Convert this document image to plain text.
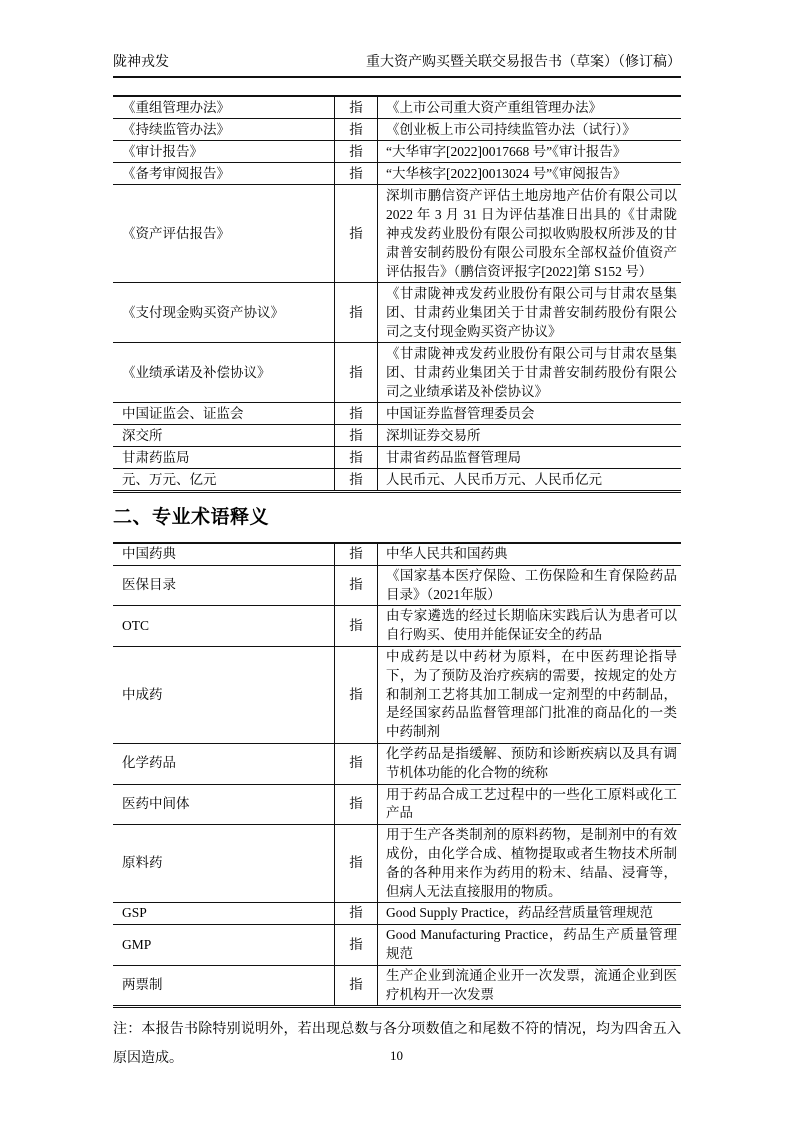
陇神戎发	重大资产购买暨关联交易报告书（草案）（修订稿）
《重组管理办法》	指	《上市公司重大资产重组管理办法》
《持续监管办法》	指	《创业板上市公司持续监管办法（试行）》
《审计报告》	指	“大华审字[2022]0017668 号”《审计报告》
《备考审阅报告》	指	“大华核字[2022]0013024 号”《审阅报告》
《资产评估报告》	指	深圳市鹏信资产评估土地房地产估价有限公司以 2022 年 3 月 31 日为评估基准日出具的《甘肃陇神戎发药业股份有限公司拟收购股权所涉及的甘肃普安制药股份有限公司股东全部权益价值资产评估报告》（鹏信资评报字[2022]第 S152 号）
《支付现金购买资产协议》	指	《甘肃陇神戎发药业股份有限公司与甘肃农垦集团、甘肃药业集团关于甘肃普安制药股份有限公司之支付现金购买资产协议》
《业绩承诺及补偿协议》	指	《甘肃陇神戎发药业股份有限公司与甘肃农垦集团、甘肃药业集团关于甘肃普安制药股份有限公司之业绩承诺及补偿协议》
中国证监会、证监会	指	中国证券监督管理委员会
深交所	指	深圳证券交易所
甘肃药监局	指	甘肃省药品监督管理局
元、万元、亿元	指	人民币元、人民币万元、人民币亿元
二、专业术语释义
中国药典	指	中华人民共和国药典
医保目录	指	《国家基本医疗保险、工伤保险和生育保险药品目录》（2021年版）
OTC	指	由专家遴选的经过长期临床实践后认为患者可以自行购买、使用并能保证安全的药品
中成药	指	中成药是以中药材为原料，在中医药理论指导下，为了预防及治疗疾病的需要，按规定的处方和制剂工艺将其加工制成一定剂型的中药制品，是经国家药品监督管理部门批准的商品化的一类中药制剂
化学药品	指	化学药品是指缓解、预防和诊断疾病以及具有调节机体功能的化合物的统称
医药中间体	指	用于药品合成工艺过程中的一些化工原料或化工产品
原料药	指	用于生产各类制剂的原料药物，是制剂中的有效成份，由化学合成、植物提取或者生物技术所制备的各种用来作为药用的粉末、结晶、浸膏等，但病人无法直接服用的物质。
GSP	指	Good Supply Practice，药品经营质量管理规范
GMP	指	Good Manufacturing Practice，药品生产质量管理规范
两票制	指	生产企业到流通企业开一次发票，流通企业到医疗机构开一次发票

注：本报告书除特别说明外，若出现总数与各分项数值之和尾数不符的情况，均为四舍五入原因造成。	10
